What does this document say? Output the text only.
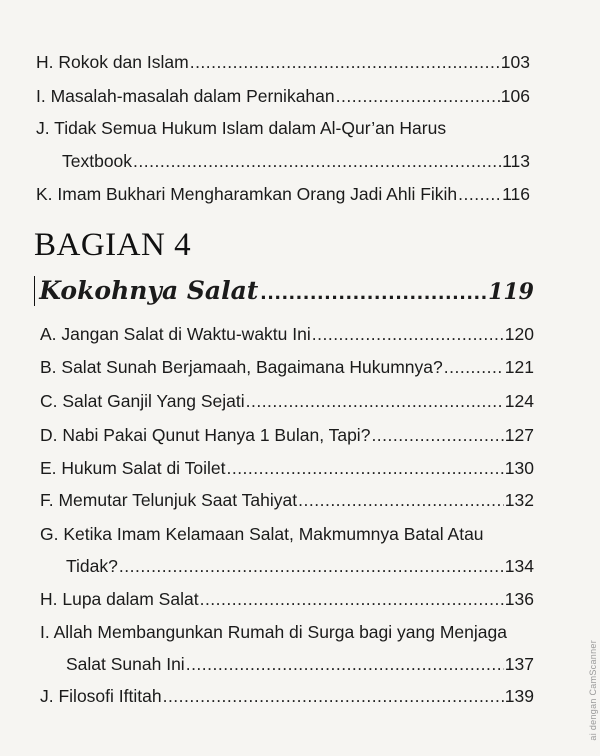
H. Rokok dan Islam .....	103
I. Masalah-masalah dalam Pernikahan .....	106
J. Tidak Semua Hukum Islam dalam Al-Qur’an Harus
Textbook .....	113
K. Imam Bukhari Mengharamkan Orang Jadi Ahli Fikih .....	116
BAGIAN 4
Kokohnya Salat .....	119
A. Jangan Salat di Waktu-waktu Ini .....	120
B. Salat Sunah Berjamaah, Bagaimana Hukumnya? .....	121
C. Salat Ganjil Yang Sejati .....	124
D. Nabi Pakai Qunut Hanya 1 Bulan, Tapi? .....	127
E. Hukum Salat di Toilet .....	130
F. Memutar Telunjuk Saat Tahiyat .....	132
G. Ketika Imam Kelamaan Salat, Makmumnya Batal Atau
Tidak? .....	134
H. Lupa dalam Salat .....	136
I. Allah Membangunkan Rumah di Surga bagi yang Menjaga
Salat Sunah Ini .....	137
J. Filosofi Iftitah .....	139	ai dengan CamScanner
